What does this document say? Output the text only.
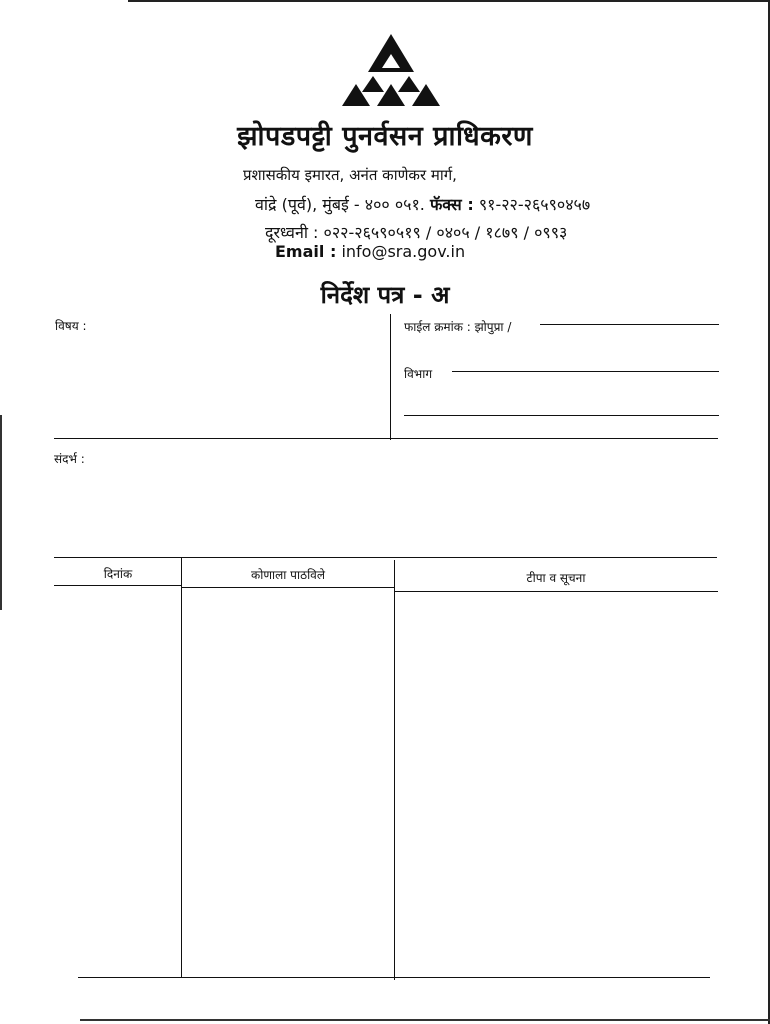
झोपडपट्टी पुनर्वसन प्राधिकरण
प्रशासकीय इमारत, अनंत काणेकर मार्ग,
वांद्रे (पूर्व), मुंबई - ४०० ०५१. फॅक्स : ९१-२२-२६५९०४५७
दूरध्वनी : ०२२-२६५९०५१९ / ०४०५ / १८७९ / ०९९३
Email : info@sra.gov.in
निर्देश पत्र - अ
विषय :	फाईल क्रमांक : झोपुप्रा /
विभाग
संदर्भ :
दिनांक	कोणाला पाठविले	टीपा व सूचना
